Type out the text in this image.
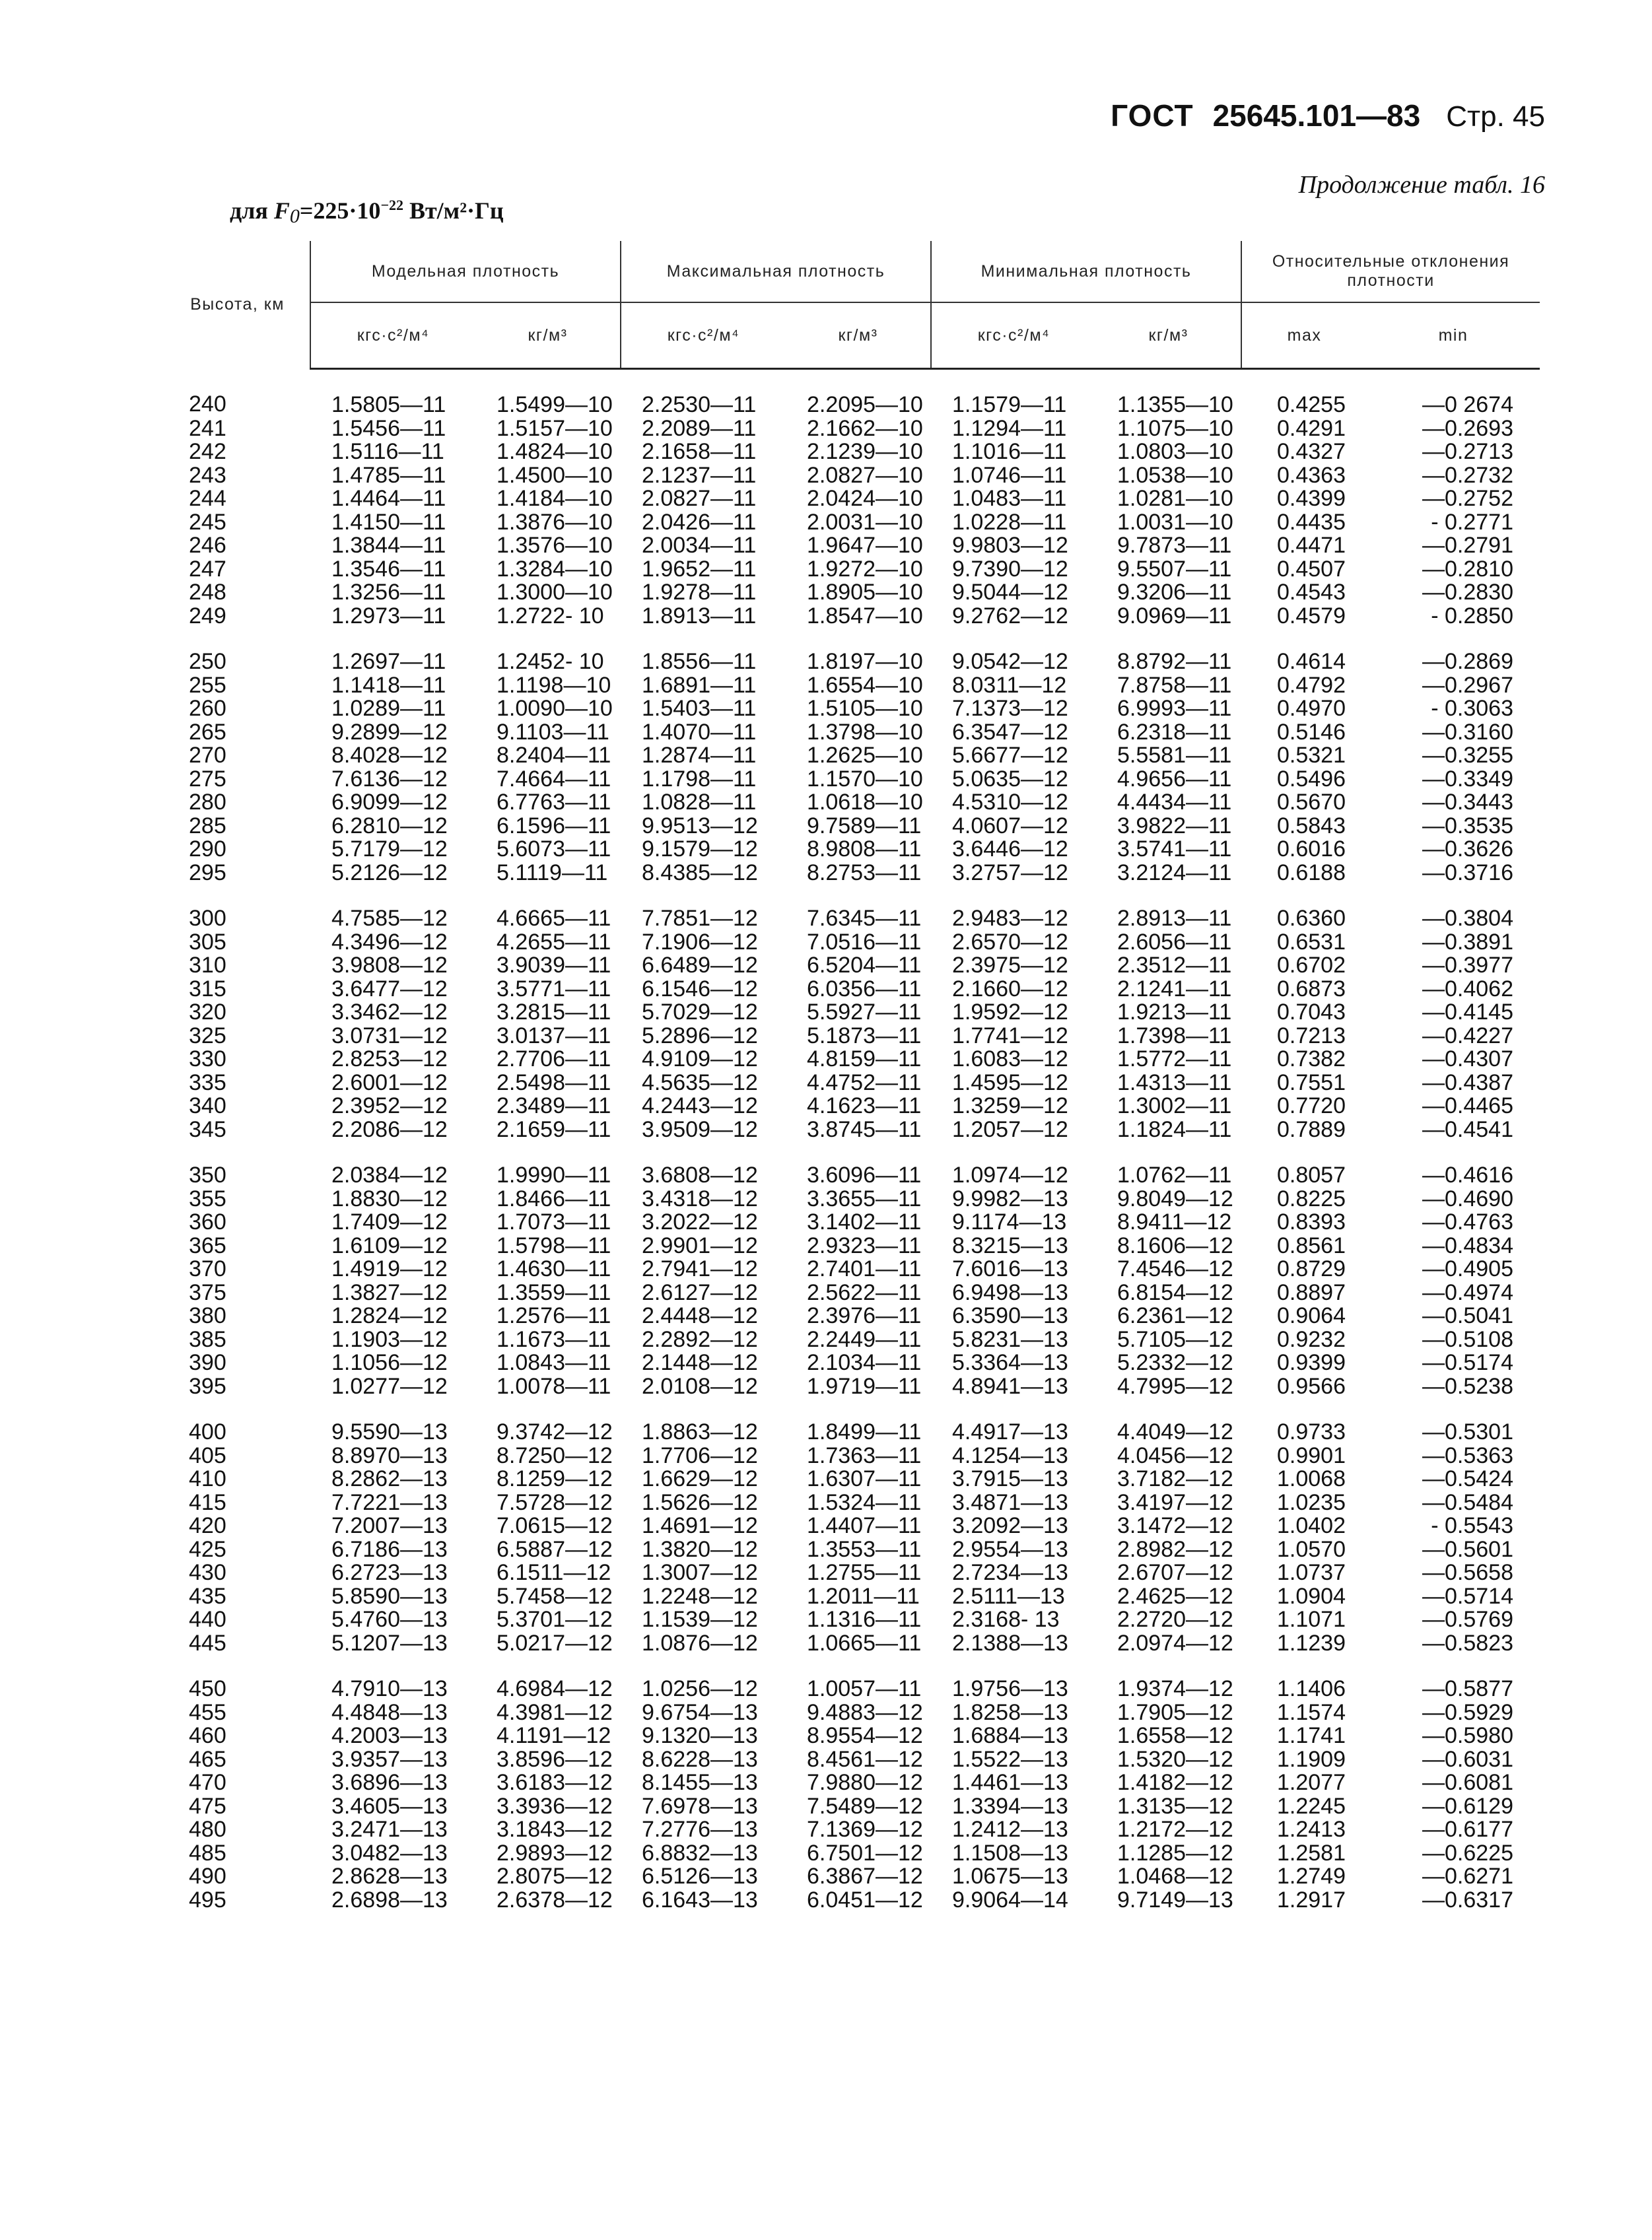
ГОСТ 25645.101—83 Стр. 45
Продолжение табл. 16
для $F_0=225\cdot 10^{-22}$ Вт/м²·Гц
Высота, км	Модельная плотность		Максимальная плотность		Минимальная плотность		Относительные отклонения плотности	
	кгс·с²/м⁴	кг/м³	кгс·с²/м⁴	кг/м³	кгс·с²/м⁴	кг/м³	max	min
240	1.5805—11	1.5499—10	2.2530—11	2.2095—10	1.1579—11	1.1355—10	0.4255	—0 2674
241	1.5456—11	1.5157—10	2.2089—11	2.1662—10	1.1294—11	1.1075—10	0.4291	—0.2693
242	1.5116—11	1.4824—10	2.1658—11	2.1239—10	1.1016—11	1.0803—10	0.4327	—0.2713
243	1.4785—11	1.4500—10	2.1237—11	2.0827—10	1.0746—11	1.0538—10	0.4363	—0.2732
244	1.4464—11	1.4184—10	2.0827—11	2.0424—10	1.0483—11	1.0281—10	0.4399	—0.2752
245	1.4150—11	1.3876—10	2.0426—11	2.0031—10	1.0228—11	1.0031—10	0.4435	- 0.2771
246	1.3844—11	1.3576—10	2.0034—11	1.9647—10	9.9803—12	9.7873—11	0.4471	—0.2791
247	1.3546—11	1.3284—10	1.9652—11	1.9272—10	9.7390—12	9.5507—11	0.4507	—0.2810
248	1.3256—11	1.3000—10	1.9278—11	1.8905—10	9.5044—12	9.3206—11	0.4543	—0.2830
249	1.2973—11	1.2722- 10	1.8913—11	1.8547—10	9.2762—12	9.0969—11	0.4579	- 0.2850

250	1.2697—11	1.2452- 10	1.8556—11	1.8197—10	9.0542—12	8.8792—11	0.4614	—0.2869
255	1.1418—11	1.1198—10	1.6891—11	1.6554—10	8.0311—12	7.8758—11	0.4792	—0.2967
260	1.0289—11	1.0090—10	1.5403—11	1.5105—10	7.1373—12	6.9993—11	0.4970	- 0.3063
265	9.2899—12	9.1103—11	1.4070—11	1.3798—10	6.3547—12	6.2318—11	0.5146	—0.3160
270	8.4028—12	8.2404—11	1.2874—11	1.2625—10	5.6677—12	5.5581—11	0.5321	—0.3255
275	7.6136—12	7.4664—11	1.1798—11	1.1570—10	5.0635—12	4.9656—11	0.5496	—0.3349
280	6.9099—12	6.7763—11	1.0828—11	1.0618—10	4.5310—12	4.4434—11	0.5670	—0.3443
285	6.2810—12	6.1596—11	9.9513—12	9.7589—11	4.0607—12	3.9822—11	0.5843	—0.3535
290	5.7179—12	5.6073—11	9.1579—12	8.9808—11	3.6446—12	3.5741—11	0.6016	—0.3626
295	5.2126—12	5.1119—11	8.4385—12	8.2753—11	3.2757—12	3.2124—11	0.6188	—0.3716

300	4.7585—12	4.6665—11	7.7851—12	7.6345—11	2.9483—12	2.8913—11	0.6360	—0.3804
305	4.3496—12	4.2655—11	7.1906—12	7.0516—11	2.6570—12	2.6056—11	0.6531	—0.3891
310	3.9808—12	3.9039—11	6.6489—12	6.5204—11	2.3975—12	2.3512—11	0.6702	—0.3977
315	3.6477—12	3.5771—11	6.1546—12	6.0356—11	2.1660—12	2.1241—11	0.6873	—0.4062
320	3.3462—12	3.2815—11	5.7029—12	5.5927—11	1.9592—12	1.9213—11	0.7043	—0.4145
325	3.0731—12	3.0137—11	5.2896—12	5.1873—11	1.7741—12	1.7398—11	0.7213	—0.4227
330	2.8253—12	2.7706—11	4.9109—12	4.8159—11	1.6083—12	1.5772—11	0.7382	—0.4307
335	2.6001—12	2.5498—11	4.5635—12	4.4752—11	1.4595—12	1.4313—11	0.7551	—0.4387
340	2.3952—12	2.3489—11	4.2443—12	4.1623—11	1.3259—12	1.3002—11	0.7720	—0.4465
345	2.2086—12	2.1659—11	3.9509—12	3.8745—11	1.2057—12	1.1824—11	0.7889	—0.4541

350	2.0384—12	1.9990—11	3.6808—12	3.6096—11	1.0974—12	1.0762—11	0.8057	—0.4616
355	1.8830—12	1.8466—11	3.4318—12	3.3655—11	9.9982—13	9.8049—12	0.8225	—0.4690
360	1.7409—12	1.7073—11	3.2022—12	3.1402—11	9.1174—13	8.9411—12	0.8393	—0.4763
365	1.6109—12	1.5798—11	2.9901—12	2.9323—11	8.3215—13	8.1606—12	0.8561	—0.4834
370	1.4919—12	1.4630—11	2.7941—12	2.7401—11	7.6016—13	7.4546—12	0.8729	—0.4905
375	1.3827—12	1.3559—11	2.6127—12	2.5622—11	6.9498—13	6.8154—12	0.8897	—0.4974
380	1.2824—12	1.2576—11	2.4448—12	2.3976—11	6.3590—13	6.2361—12	0.9064	—0.5041
385	1.1903—12	1.1673—11	2.2892—12	2.2449—11	5.8231—13	5.7105—12	0.9232	—0.5108
390	1.1056—12	1.0843—11	2.1448—12	2.1034—11	5.3364—13	5.2332—12	0.9399	—0.5174
395	1.0277—12	1.0078—11	2.0108—12	1.9719—11	4.8941—13	4.7995—12	0.9566	—0.5238

400	9.5590—13	9.3742—12	1.8863—12	1.8499—11	4.4917—13	4.4049—12	0.9733	—0.5301
405	8.8970—13	8.7250—12	1.7706—12	1.7363—11	4.1254—13	4.0456—12	0.9901	—0.5363
410	8.2862—13	8.1259—12	1.6629—12	1.6307—11	3.7915—13	3.7182—12	1.0068	—0.5424
415	7.7221—13	7.5728—12	1.5626—12	1.5324—11	3.4871—13	3.4197—12	1.0235	—0.5484
420	7.2007—13	7.0615—12	1.4691—12	1.4407—11	3.2092—13	3.1472—12	1.0402	- 0.5543
425	6.7186—13	6.5887—12	1.3820—12	1.3553—11	2.9554—13	2.8982—12	1.0570	—0.5601
430	6.2723—13	6.1511—12	1.3007—12	1.2755—11	2.7234—13	2.6707—12	1.0737	—0.5658
435	5.8590—13	5.7458—12	1.2248—12	1.2011—11	2.5111—13	2.4625—12	1.0904	—0.5714
440	5.4760—13	5.3701—12	1.1539—12	1.1316—11	2.3168- 13	2.2720—12	1.1071	—0.5769
445	5.1207—13	5.0217—12	1.0876—12	1.0665—11	2.1388—13	2.0974—12	1.1239	—0.5823

450	4.7910—13	4.6984—12	1.0256—12	1.0057—11	1.9756—13	1.9374—12	1.1406	—0.5877
455	4.4848—13	4.3981—12	9.6754—13	9.4883—12	1.8258—13	1.7905—12	1.1574	—0.5929
460	4.2003—13	4.1191—12	9.1320—13	8.9554—12	1.6884—13	1.6558—12	1.1741	—0.5980
465	3.9357—13	3.8596—12	8.6228—13	8.4561—12	1.5522—13	1.5320—12	1.1909	—0.6031
470	3.6896—13	3.6183—12	8.1455—13	7.9880—12	1.4461—13	1.4182—12	1.2077	—0.6081
475	3.4605—13	3.3936—12	7.6978—13	7.5489—12	1.3394—13	1.3135—12	1.2245	—0.6129
480	3.2471—13	3.1843—12	7.2776—13	7.1369—12	1.2412—13	1.2172—12	1.2413	—0.6177
485	3.0482—13	2.9893—12	6.8832—13	6.7501—12	1.1508—13	1.1285—12	1.2581	—0.6225
490	2.8628—13	2.8075—12	6.5126—13	6.3867—12	1.0675—13	1.0468—12	1.2749	—0.6271
495	2.6898—13	2.6378—12	6.1643—13	6.0451—12	9.9064—14	9.7149—13	1.2917	—0.6317
